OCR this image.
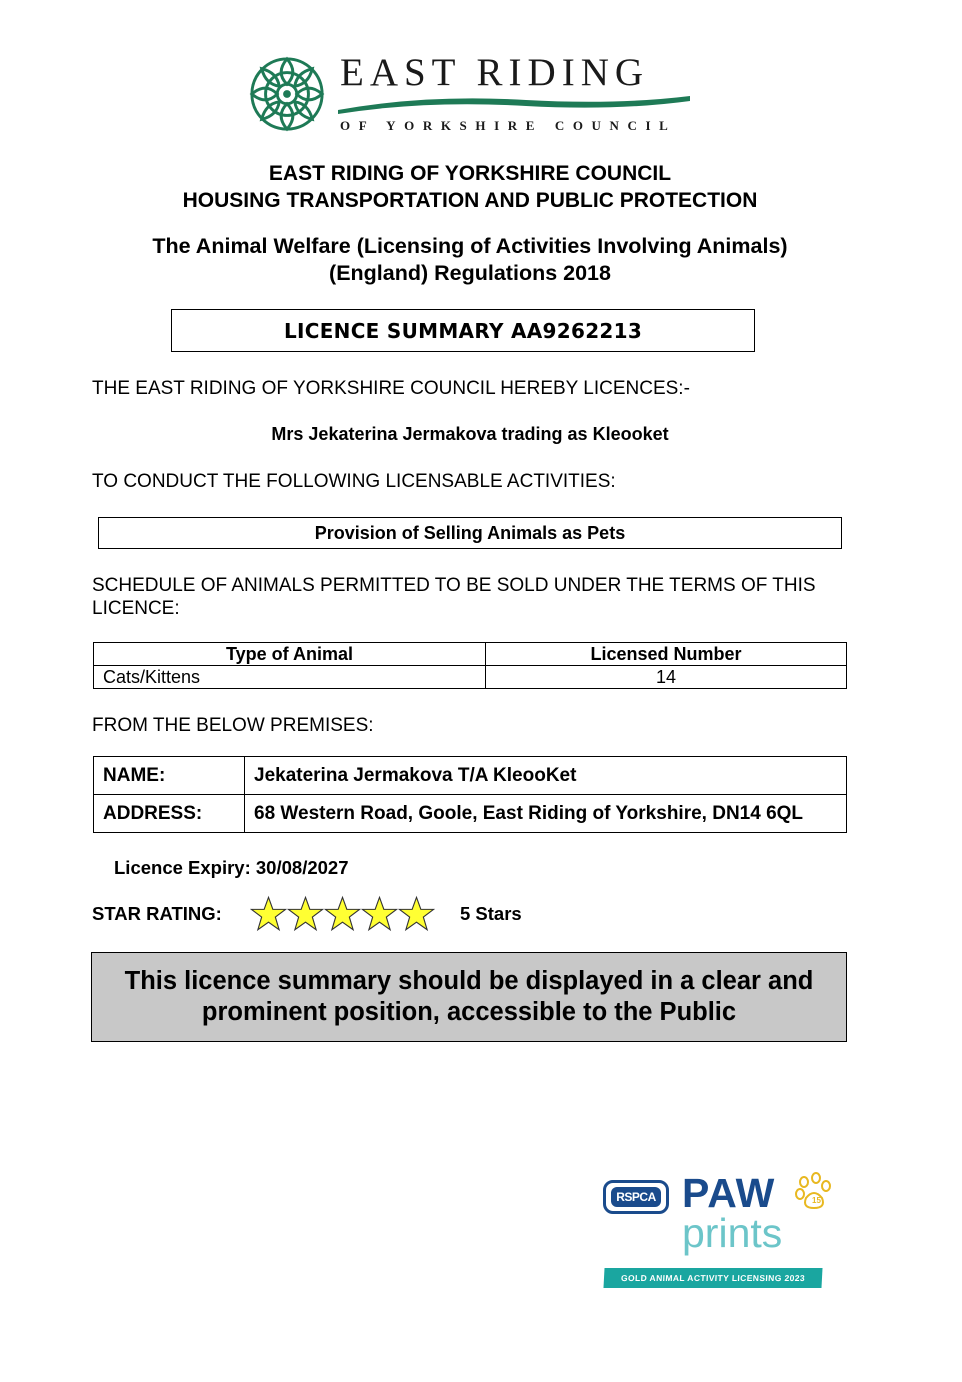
EAST RIDING
OF YORKSHIRE COUNCIL
EAST RIDING OF YORKSHIRE COUNCIL
HOUSING TRANSPORTATION AND PUBLIC PROTECTION
The Animal Welfare (Licensing of Activities Involving Animals)
(England) Regulations 2018
LICENCE SUMMARY AA9262213
THE EAST RIDING OF YORKSHIRE COUNCIL HEREBY LICENCES:-
Mrs Jekaterina Jermakova trading as Kleooket
TO CONDUCT THE FOLLOWING LICENSABLE ACTIVITIES:
Provision of Selling Animals as Pets
SCHEDULE OF ANIMALS PERMITTED TO BE SOLD UNDER THE TERMS OF THIS LICENCE:
Type of Animal	Licensed Number
Cats/Kittens	14
FROM THE BELOW PREMISES:
NAME:	Jekaterina Jermakova T/A KleooKet
ADDRESS:	68 Western Road, Goole, East Riding of Yorkshire, DN14 6QL
Licence Expiry: 30/08/2027
STAR RATING:	5 Stars
This licence summary should be displayed in a clear and
prominent position, accessible to the Public
RSPCA PAW
prints
15
GOLD ANIMAL ACTIVITY LICENSING 2023
